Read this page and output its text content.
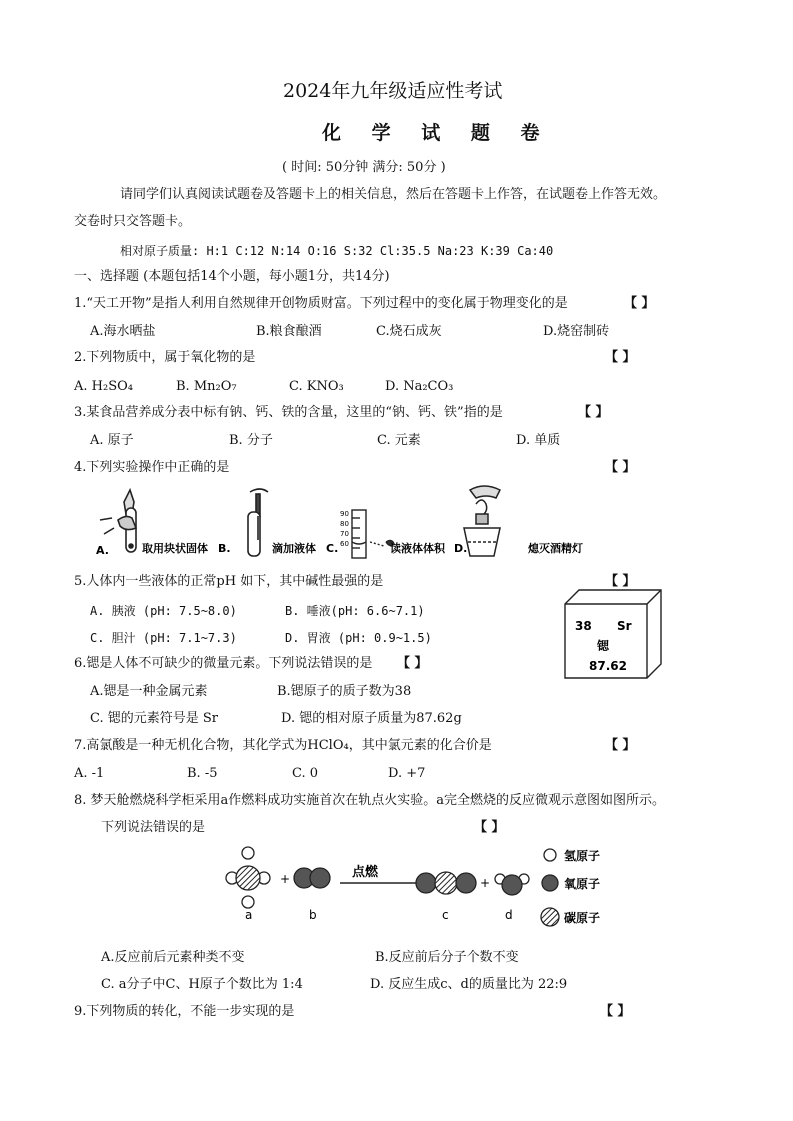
2024年九年级适应性考试
化 学 试 题 卷
( 时间: 50分钟 满分: 50分 )
请同学们认真阅读试题卷及答题卡上的相关信息，然后在答题卡上作答，在试题卷上作答无效。
交卷时只交答题卡。
相对原子质量: H:1 C:12 N:14 O:16 S:32 Cl:35.5 Na:23 K:39 Ca:40
一、选择题 (本题包括14个小题，每小题1分，共14分)
1.“天工开物”是指人利用自然规律开创物质财富。下列过程中的变化属于物理变化的是	【 】
A.海水晒盐	B.粮食酿酒	C.烧石成灰	D.烧窑制砖
2.下列物质中，属于氧化物的是	【 】
A. H₂SO₄	B. Mn₂O₇	C. KNO₃	D. Na₂CO₃
3.某食品营养成分表中标有钠、钙、铁的含量，这里的“钠、钙、铁”指的是	【 】
A. 原子	B. 分子	C. 元素	D. 单质
4.下列实验操作中正确的是	【 】
A.	取用块状固体 B.	滴加液体 C.	读液体体积 D.	熄灭酒精灯
90
80
70
60
5.人体内一些液体的正常pH 如下，其中碱性最强的是	【 】
A. 胰液 (pH: 7.5~8.0)	B. 唾液(pH: 6.6~7.1)
C. 胆汁 (pH: 7.1~7.3)	D. 胃液 (pH: 0.9~1.5)
38 Sr
锶
87.62
6.锶是人体不可缺少的微量元素。下列说法错误的是 【 】
A.锶是一种金属元素	B.锶原子的质子数为38
C. 锶的元素符号是 Sr	D. 锶的相对原子质量为87.62g
7.高氯酸是一种无机化合物，其化学式为HClO₄，其中氯元素的化合价是	【 】
A. -1	B. -5	C. 0	D. +7
8. 梦天舱燃烧科学柜采用a作燃料成功实施首次在轨点火实验。a完全燃烧的反应微观示意图如图所示。
下列说法错误的是	【 】
+	点燃
+
a	b	c	d
氢原子
氧原子
碳原子
A.反应前后元素种类不变	B.反应前后分子个数不变
C. a分子中C、H原子个数比为 1:4	D. 反应生成c、d的质量比为 22:9
9.下列物质的转化，不能一步实现的是	【 】
